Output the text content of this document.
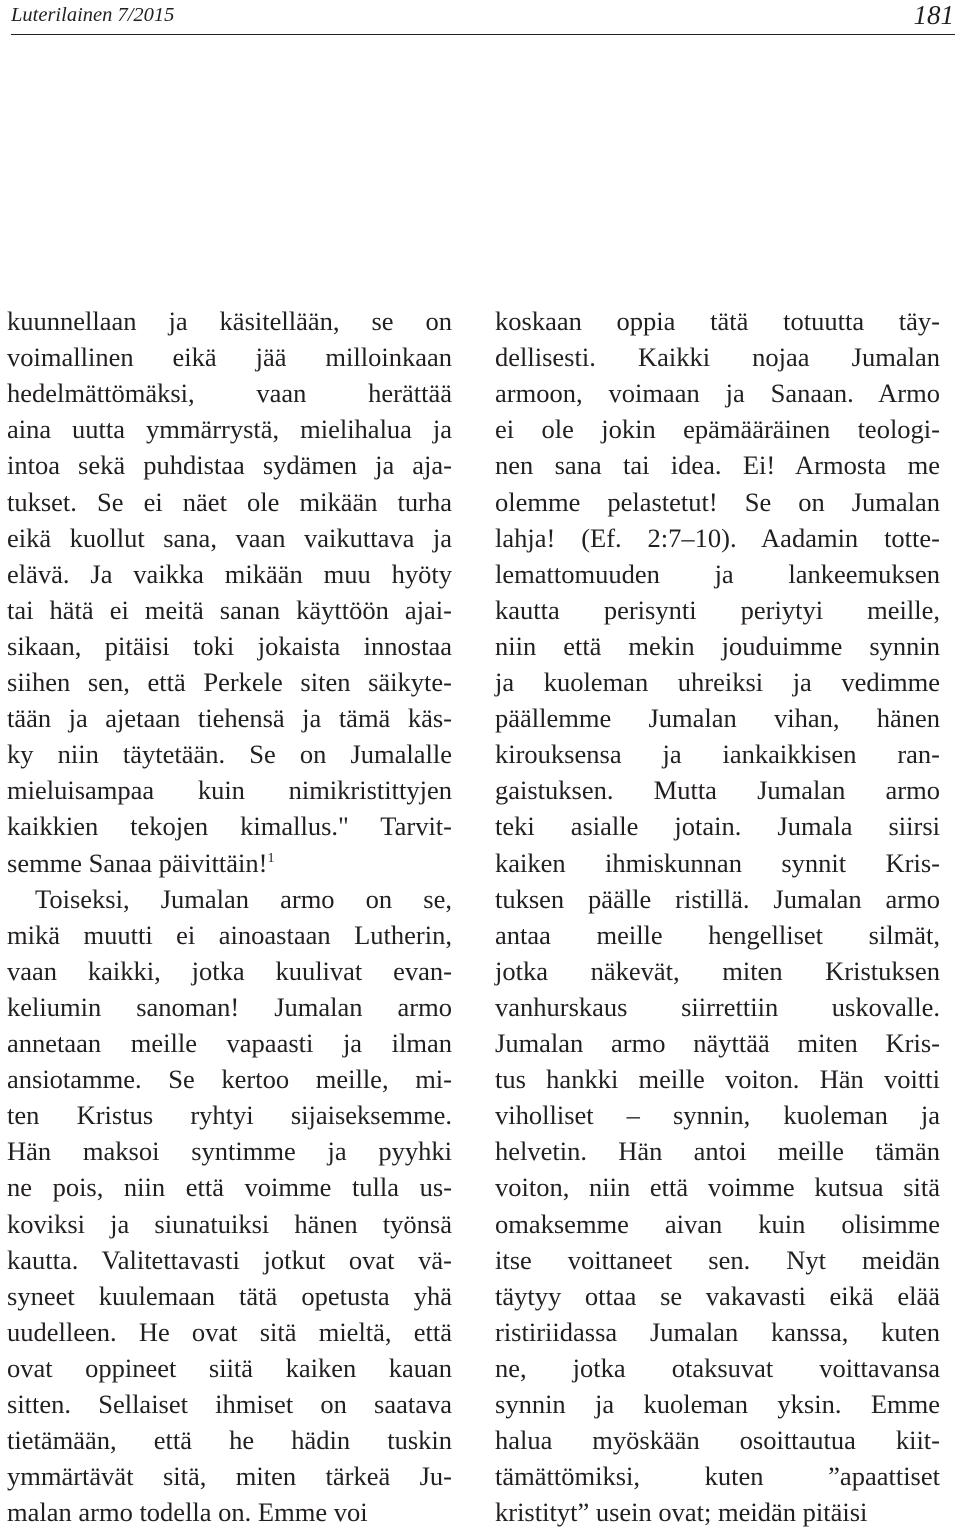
Luterilainen 7/2015	181
kuunnellaan ja käsitellään, se on
voimallinen eikä jää milloinkaan
hedelmättömäksi, vaan herättää
aina uutta ymmärrystä, mielihalua ja
intoa sekä puhdistaa sydämen ja aja-
tukset. Se ei näet ole mikään turha
eikä kuollut sana, vaan vaikuttava ja
elävä. Ja vaikka mikään muu hyöty
tai hätä ei meitä sanan käyttöön ajai-
sikaan, pitäisi toki jokaista innostaa
siihen sen, että Perkele siten säikyte-
tään ja ajetaan tiehensä ja tämä käs-
ky niin täytetään. Se on Jumalalle
mieluisampaa kuin nimikristittyjen
kaikkien tekojen kimallus." Tarvit-
semme Sanaa päivittäin!$^1$
Toiseksi, Jumalan armo on se,
mikä muutti ei ainoastaan Lutherin,
vaan kaikki, jotka kuulivat evan-
keliumin sanoman! Jumalan armo
annetaan meille vapaasti ja ilman
ansiotamme. Se kertoo meille, mi-
ten Kristus ryhtyi sijaiseksemme.
Hän maksoi syntimme ja pyyhki
ne pois, niin että voimme tulla us-
koviksi ja siunatuiksi hänen työnsä
kautta. Valitettavasti jotkut ovat vä-
syneet kuulemaan tätä opetusta yhä
uudelleen. He ovat sitä mieltä, että
ovat oppineet siitä kaiken kauan
sitten. Sellaiset ihmiset on saatava
tietämään, että he hädin tuskin
ymmärtävät sitä, miten tärkeä Ju-
malan armo todella on. Emme voi
koskaan oppia tätä totuutta täy-
dellisesti. Kaikki nojaa Jumalan
armoon, voimaan ja Sanaan. Armo
ei ole jokin epämääräinen teologi-
nen sana tai idea. Ei! Armosta me
olemme pelastetut! Se on Jumalan
lahja! (Ef. 2:7–10). Aadamin totte-
lemattomuuden ja lankeemuksen
kautta perisynti periytyi meille,
niin että mekin jouduimme synnin
ja kuoleman uhreiksi ja vedimme
päällemme Jumalan vihan, hänen
kirouksensa ja iankaikkisen ran-
gaistuksen. Mutta Jumalan armo
teki asialle jotain. Jumala siirsi
kaiken ihmiskunnan synnit Kris-
tuksen päälle ristillä. Jumalan armo
antaa meille hengelliset silmät,
jotka näkevät, miten Kristuksen
vanhurskaus siirrettiin uskovalle.
Jumalan armo näyttää miten Kris-
tus hankki meille voiton. Hän voitti
viholliset – synnin, kuoleman ja
helvetin. Hän antoi meille tämän
voiton, niin että voimme kutsua sitä
omaksemme aivan kuin olisimme
itse voittaneet sen. Nyt meidän
täytyy ottaa se vakavasti eikä elää
ristiriidassa Jumalan kanssa, kuten
ne, jotka otaksuvat voittavansa
synnin ja kuoleman yksin. Emme
halua myöskään osoittautua kiit-
tämättömiksi, kuten ”apaattiset
kristityt” usein ovat; meidän pitäisi
